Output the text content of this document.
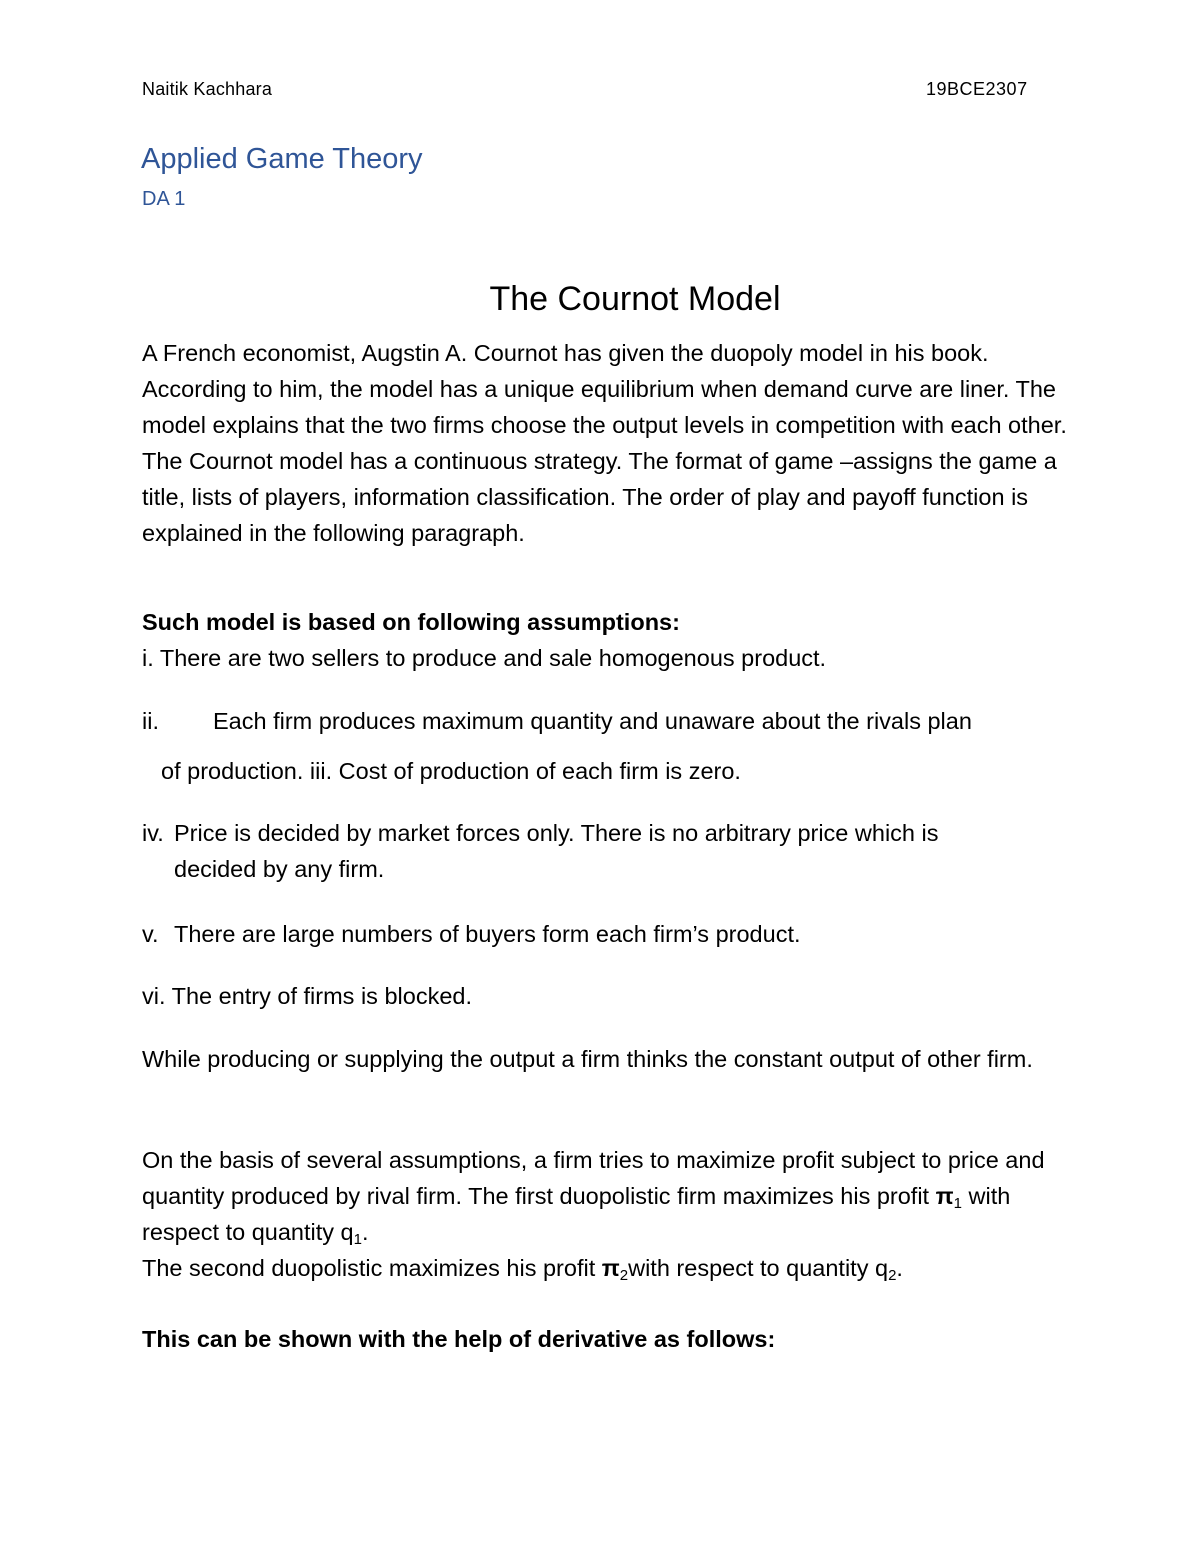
Naitik Kachhara	19BCE2307
Applied Game Theory
DA 1
The Cournot Model
A French economist, Augstin A. Cournot has given the duopoly model in his book. According to him, the model has a unique equilibrium when demand curve are liner. The model explains that the two firms choose the output levels in competition with each other. The Cournot model has a continuous strategy. The format of game –assigns the game a title, lists of players, information classification. The order of play and payoff function is explained in the following paragraph.
Such model is based on following assumptions:
i. There are two sellers to produce and sale homogenous product.
ii. Each firm produces maximum quantity and unaware about the rivals plan
of production. iii. Cost of production of each firm is zero.
iv. Price is decided by market forces only. There is no arbitrary price which is
decided by any firm.
v. There are large numbers of buyers form each firm’s product.
vi. The entry of firms is blocked.
While producing or supplying the output a firm thinks the constant output of other firm.
On the basis of several assumptions, a firm tries to maximize profit subject to price and quantity produced by rival firm. The first duopolistic firm maximizes his profit $\pi_1$ with respect to quantity $q_1$.
The second duopolistic maximizes his profit $\pi_2with$ respect to quantity $q_2$.
This can be shown with the help of derivative as follows:
